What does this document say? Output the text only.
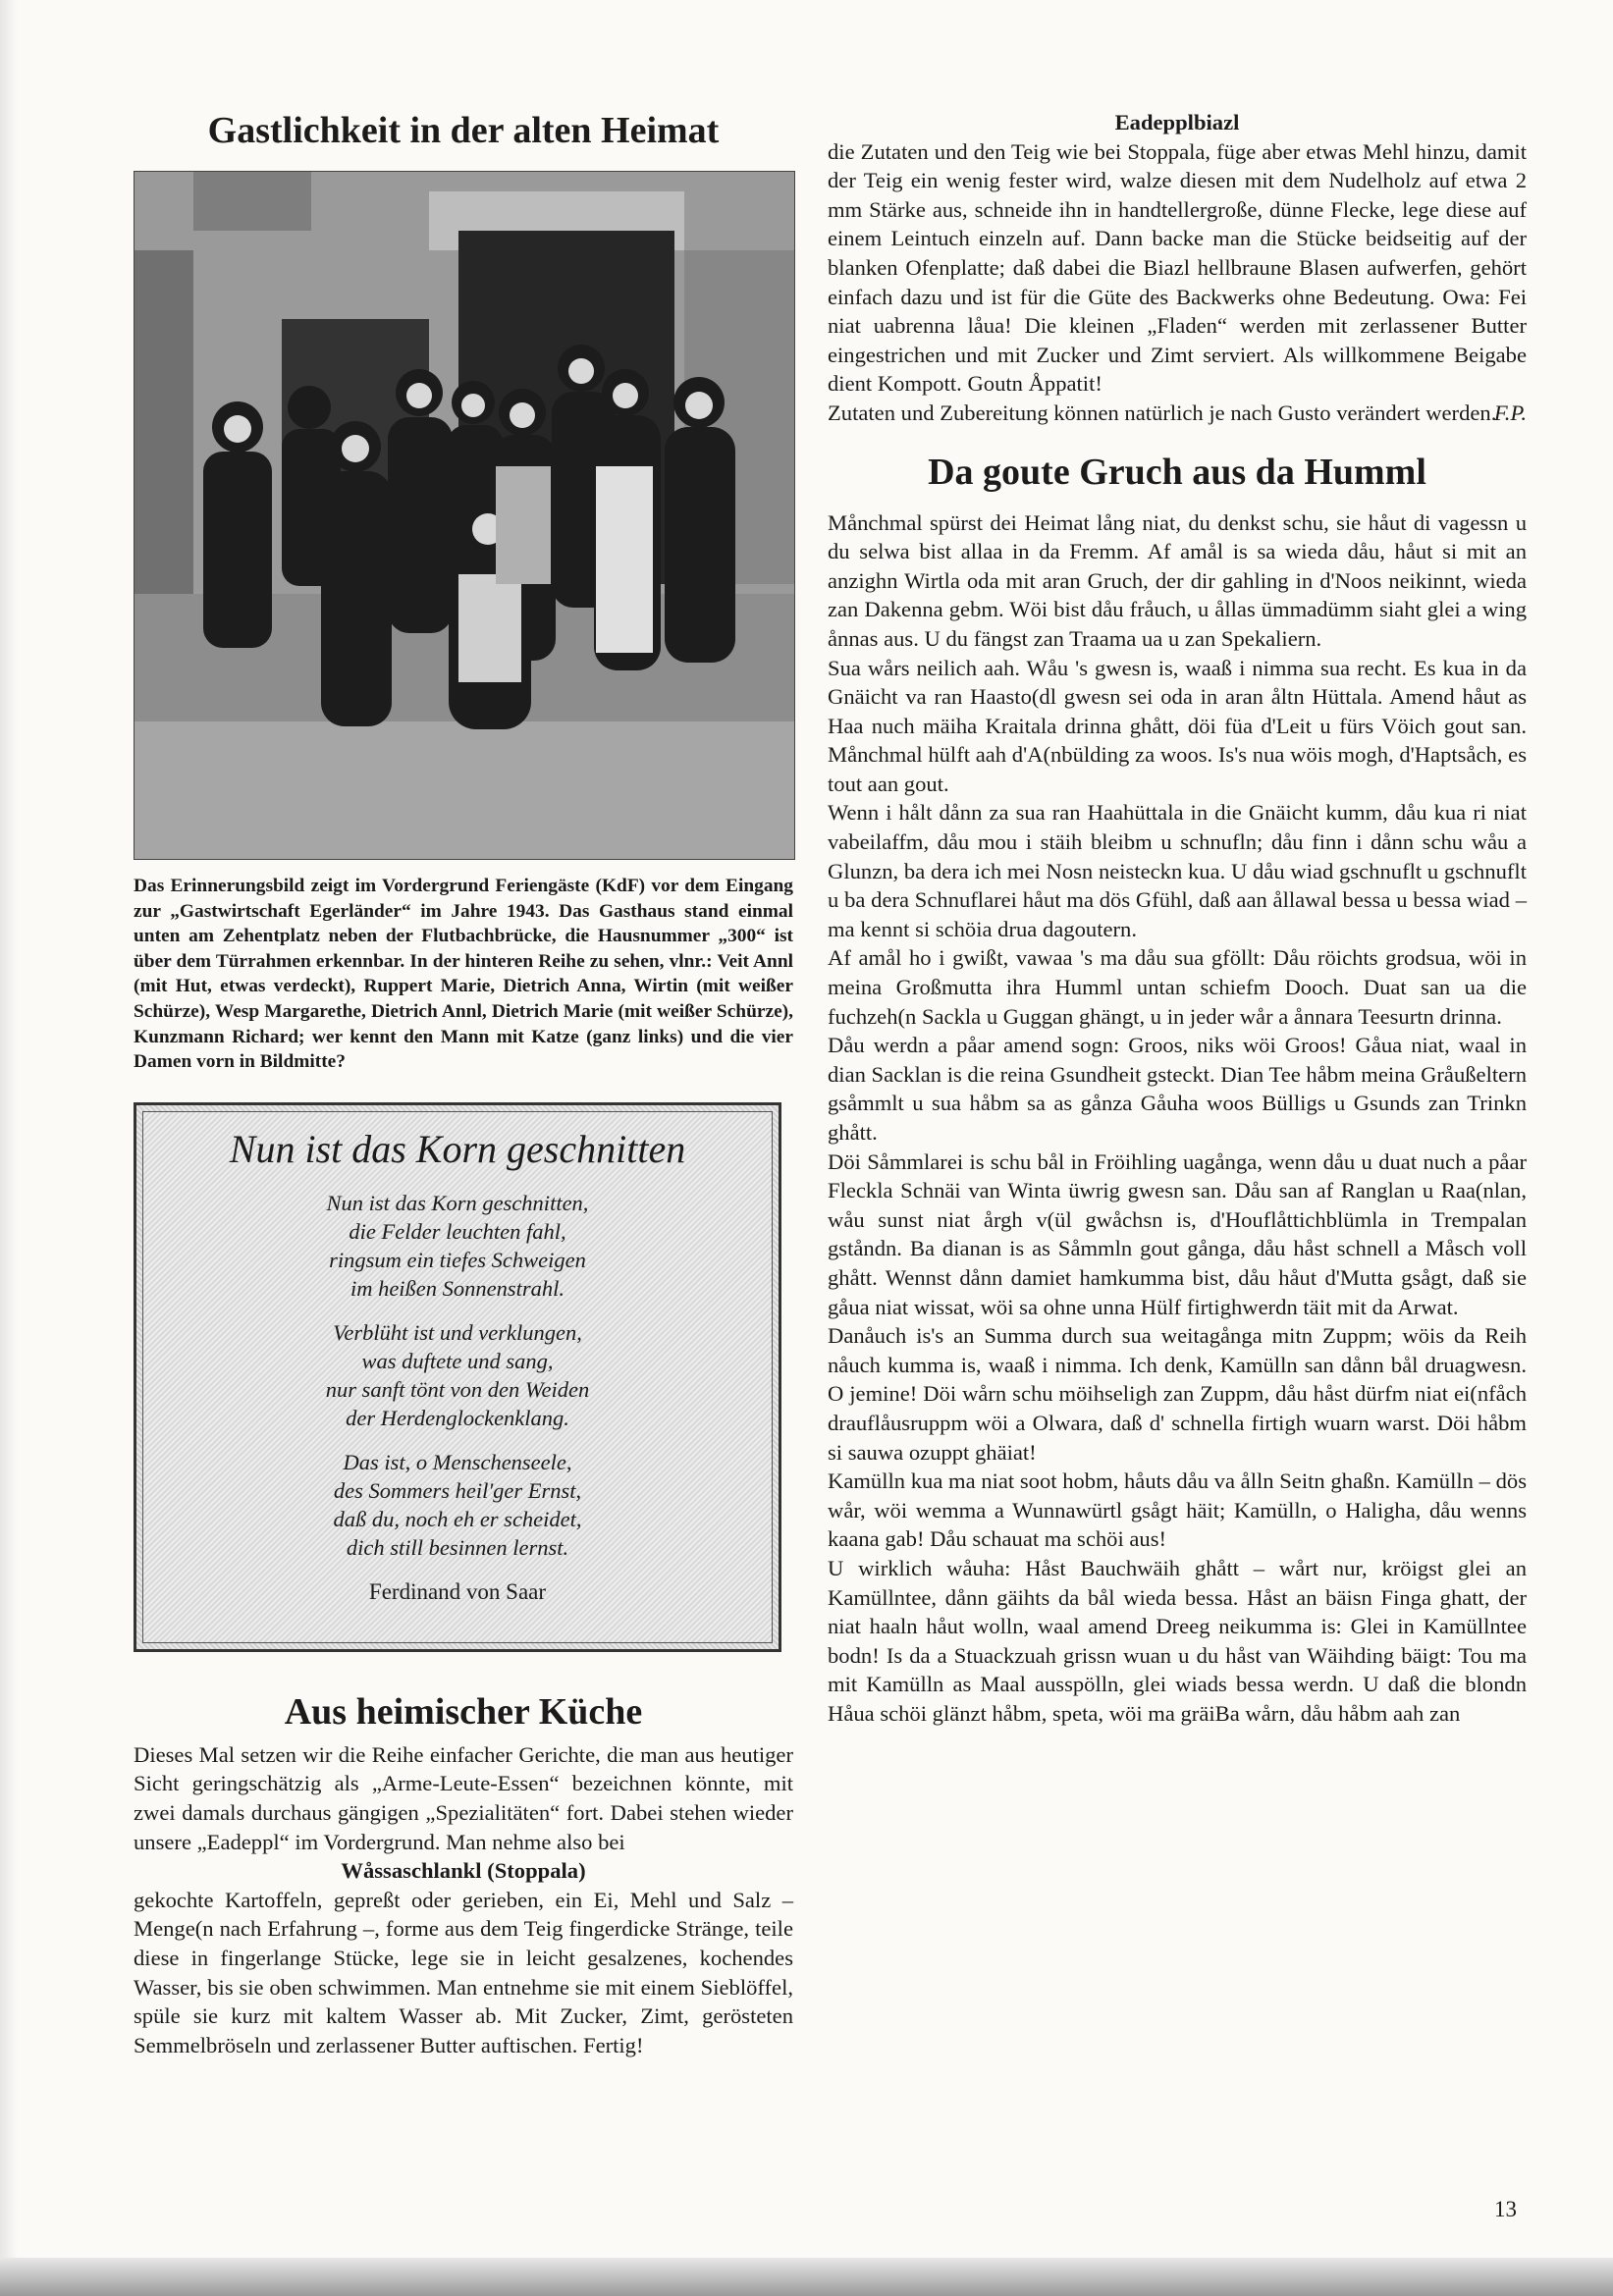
Gastlichkeit in der alten Heimat

Das Erinnerungsbild zeigt im Vordergrund Feriengäste (KdF) vor dem Eingang zur „Gastwirtschaft Egerländer“ im Jahre 1943. Das Gasthaus stand einmal unten am Zehentplatz neben der Flutbachbrücke, die Hausnummer „300“ ist über dem Türrahmen erkennbar. In der hinteren Reihe zu sehen, vlnr.: Veit Annl (mit Hut, etwas verdeckt), Ruppert Marie, Dietrich Anna, Wirtin (mit weißer Schürze), Wesp Margarethe, Dietrich Annl, Dietrich Marie (mit weißer Schürze), Kunzmann Richard; wer kennt den Mann mit Katze (ganz links) und die vier Damen vorn in Bildmitte?

Nun ist das Korn geschnitten
Nun ist das Korn geschnitten,
die Felder leuchten fahl,
ringsum ein tiefes Schweigen
im heißen Sonnenstrahl.
Verblüht ist und verklungen,
was duftete und sang,
nur sanft tönt von den Weiden
der Herdenglockenklang.
Das ist, o Menschenseele,
des Sommers heil'ger Ernst,
daß du, noch eh er scheidet,
dich still besinnen lernst.
Ferdinand von Saar
Aus heimischer Küche

Dieses Mal setzen wir die Reihe einfacher Gerichte, die man aus heutiger Sicht geringschätzig als „Arme-Leute-Essen“ bezeichnen könnte, mit zwei damals durchaus gängigen „Spezialitäten“ fort. Dabei stehen wieder unsere „Eadeppl“ im Vordergrund. Man nehme also bei

Wåssaschlankl (Stoppala)

gekochte Kartoffeln, gepreßt oder gerieben, ein Ei, Mehl und Salz – Menge(n nach Erfahrung –, forme aus dem Teig fingerdicke Stränge, teile diese in fingerlange Stücke, lege sie in leicht gesalzenes, kochendes Wasser, bis sie oben schwimmen. Man entnehme sie mit einem Sieblöffel, spüle sie kurz mit kaltem Wasser ab. Mit Zucker, Zimt, gerösteten Semmelbröseln und zerlassener Butter auftischen. Fertig!

Eadepplbiazl

die Zutaten und den Teig wie bei Stoppala, füge aber etwas Mehl hinzu, damit der Teig ein wenig fester wird, walze diesen mit dem Nudelholz auf etwa 2 mm Stärke aus, schneide ihn in handtellergroße, dünne Flecke, lege diese auf einem Leintuch einzeln auf. Dann backe man die Stücke beidseitig auf der blanken Ofenplatte; daß dabei die Biazl hellbraune Blasen aufwerfen, gehört einfach dazu und ist für die Güte des Backwerks ohne Bedeutung. Owa: Fei niat uabrenna låua! Die kleinen „Fladen“ werden mit zerlassener Butter eingestrichen und mit Zucker und Zimt serviert. Als willkommene Beigabe dient Kompott. Goutn Åppatit!

Zutaten und Zubereitung können natürlich je nach Gusto verändert werden.

F.P.
Da goute Gruch aus da Humml

Månchmal spürst dei Heimat lång niat, du denkst schu, sie håut di vagessn u du selwa bist allaa in da Fremm. Af amål is sa wieda dåu, håut si mit an anzighn Wirtla oda mit aran Gruch, der dir gahling in d'Noos neikinnt, wieda zan Dakenna gebm. Wöi bist dåu fråuch, u ållas ümmadümm siaht glei a wing ånnas aus. U du fängst zan Traama ua u zan Spekaliern.

Sua wårs neilich aah. Wåu 's gwesn is, waaß i nimma sua recht. Es kua in da Gnäicht va ran Haasto(dl gwesn sei oda in aran åltn Hüttala. Amend håut as Haa nuch mäiha Kraitala drinna ghått, döi füa d'Leit u fürs Vöich gout san. Månchmal hülft aah d'A(nbülding za woos. Is's nua wöis mogh, d'Haptsåch, es tout aan gout.

Wenn i hålt dånn za sua ran Haahüttala in die Gnäicht kumm, dåu kua ri niat vabeilaffm, dåu mou i stäih bleibm u schnufln; dåu finn i dånn schu wåu a Glunzn, ba dera ich mei Nosn neisteckn kua. U dåu wiad gschnuflt u gschnuflt u ba dera Schnuflarei håut ma dös Gfühl, daß aan ållawal bessa u bessa wiad – ma kennt si schöia drua dagoutern.

Af amål ho i gwißt, vawaa 's ma dåu sua gföllt: Dåu röichts grodsua, wöi in meina Großmutta ihra Humml untan schiefm Dooch. Duat san ua die fuchzeh(n Sackla u Guggan ghängt, u in jeder wår a ånnara Teesurtn drinna.

Dåu werdn a påar amend sogn: Groos, niks wöi Groos! Gåua niat, waal in dian Sacklan is die reina Gsundheit gsteckt. Dian Tee håbm meina Gråußeltern gsåmmlt u sua håbm sa as gånza Gåuha woos Bülligs u Gsunds zan Trinkn ghått.

Döi Såmmlarei is schu bål in Fröihling uagånga, wenn dåu u duat nuch a påar Fleckla Schnäi van Winta üwrig gwesn san. Dåu san af Ranglan u Raa(nlan, wåu sunst niat årgh v(ül gwåchsn is, d'Houflåttichblümla in Trempalan gståndn. Ba dianan is as Såmmln gout gånga, dåu håst schnell a Måsch voll ghått. Wennst dånn damiet hamkumma bist, dåu håut d'Mutta gsågt, daß sie gåua niat wissat, wöi sa ohne unna Hülf firtighwerdn täit mit da Arwat.

Danåuch is's an Summa durch sua weitagånga mitn Zuppm; wöis da Reih nåuch kumma is, waaß i nimma. Ich denk, Kamülln san dånn bål druagwesn. O jemine! Döi wårn schu möihseligh zan Zuppm, dåu håst dürfm niat ei(nfåch drauflåusruppm wöi a Olwara, daß d' schnella firtigh wuarn warst. Döi håbm si sauwa ozuppt ghäiat!

Kamülln kua ma niat soot hobm, håuts dåu va ålln Seitn ghaßn. Kamülln – dös wår, wöi wemma a Wunnawürtl gsågt häit; Kamülln, o Haligha, dåu wenns kaana gab! Dåu schauat ma schöi aus!

U wirklich wåuha: Håst Bauchwäih ghått – wårt nur, kröigst glei an Kamüllntee, dånn gäihts da bål wieda bessa. Håst an bäisn Finga ghatt, der niat haaln håut wolln, waal amend Dreeg neikumma is: Glei in Kamüllntee bodn! Is da a Stuackzuah grissn wuan u du håst van Wäihding bäigt: Tou ma mit Kamülln as Maal ausspölln, glei wiads bessa werdn. U daß die blondn Håua schöi glänzt håbm, speta, wöi ma gräiBa wårn, dåu håbm aah zan

13
